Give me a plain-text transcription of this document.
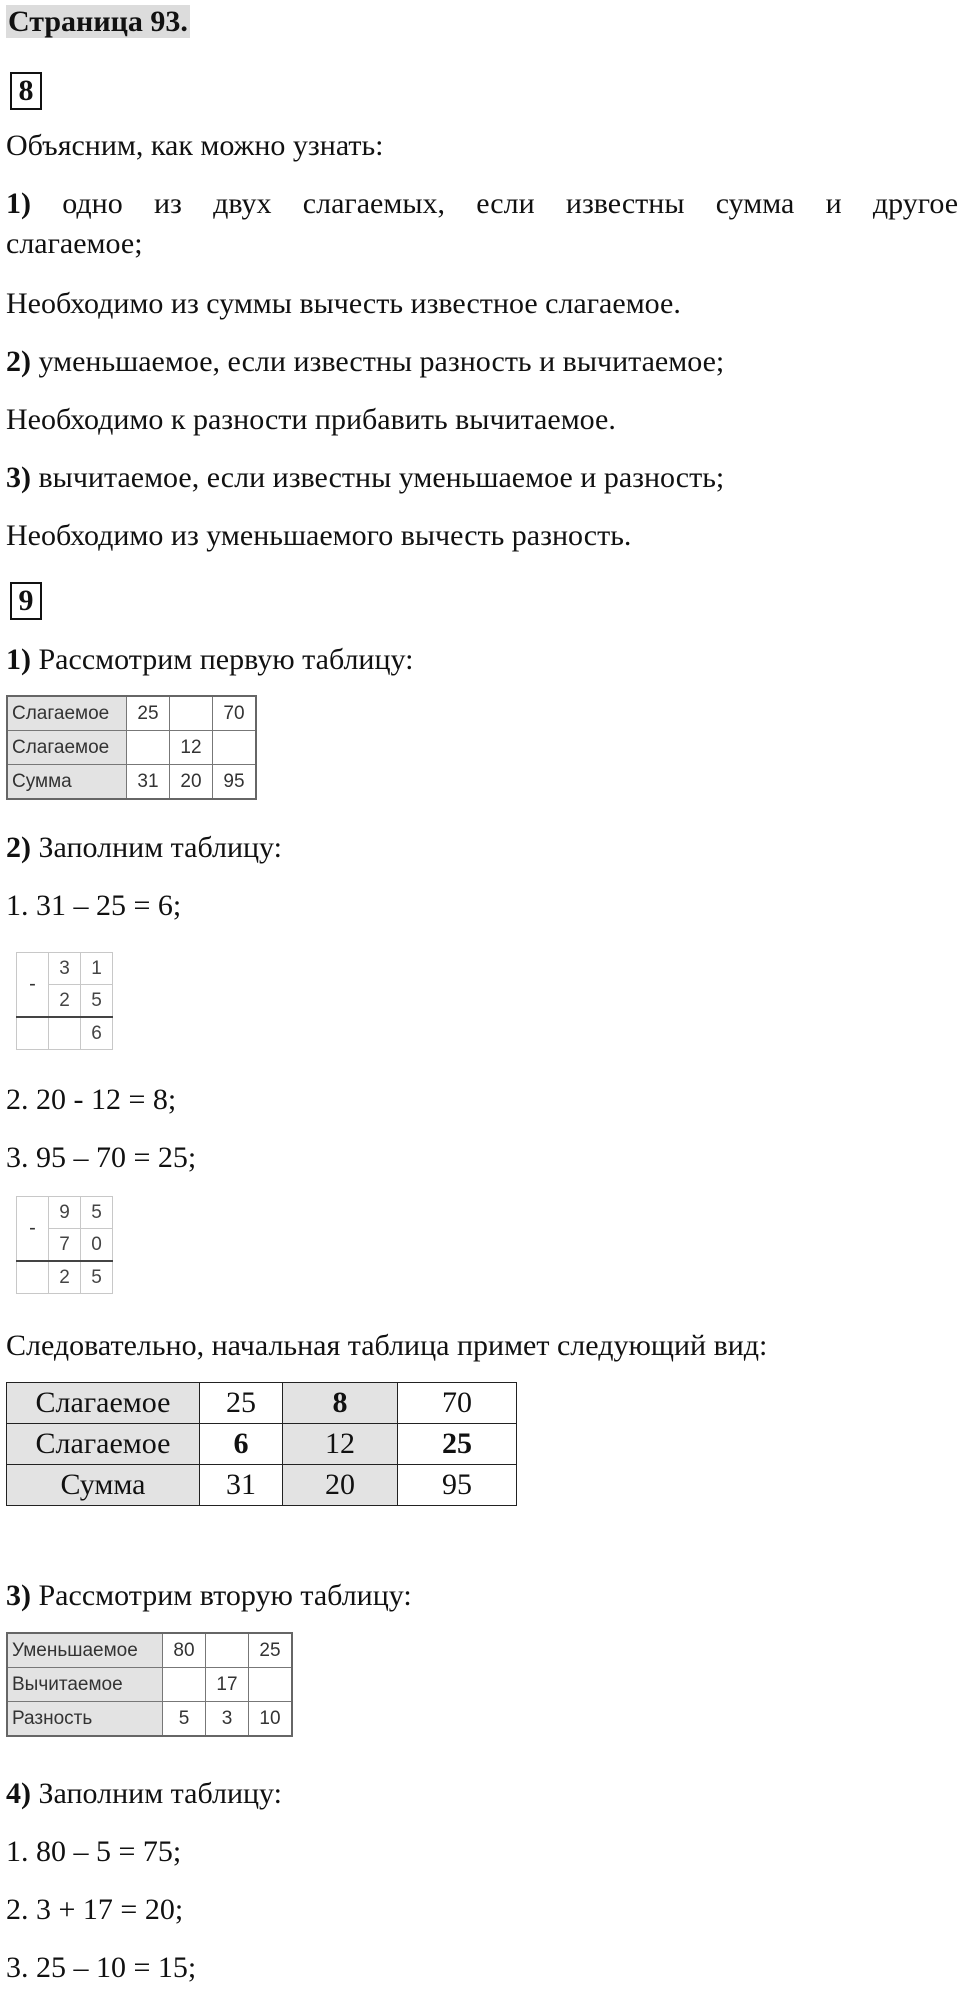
Страница 93.
8
Объясним, как можно узнать:
1) одно из двух слагаемых, если известны сумма и другое
слагаемое;
Необходимо из суммы вычесть известное слагаемое.
2) уменьшаемое, если известны разность и вычитаемое;
Необходимо к разности прибавить вычитаемое.
3) вычитаемое, если известны уменьшаемое и разность;
Необходимо из уменьшаемого вычесть разность.
9
1) Рассмотрим первую таблицу:
Слагаемое	25		70
Слагаемое		12	
Сумма	31	20	95
2) Заполним таблицу:
1. 31 – 25 = 6;
-	3	1
	2	5
		6
2. 20 - 12 = 8;
3. 95 – 70 = 25;
-	9	5
	7	0
	2	5
Следовательно, начальная таблица примет следующий вид:
Слагаемое	25	8	70
Слагаемое	6	12	25
Сумма	31	20	95
3) Рассмотрим вторую таблицу:
Уменьшаемое	80		25
Вычитаемое		17	
Разность	5	3	10
4) Заполним таблицу:
1. 80 – 5 = 75;
2. 3 + 17 = 20;
3. 25 – 10 = 15;
